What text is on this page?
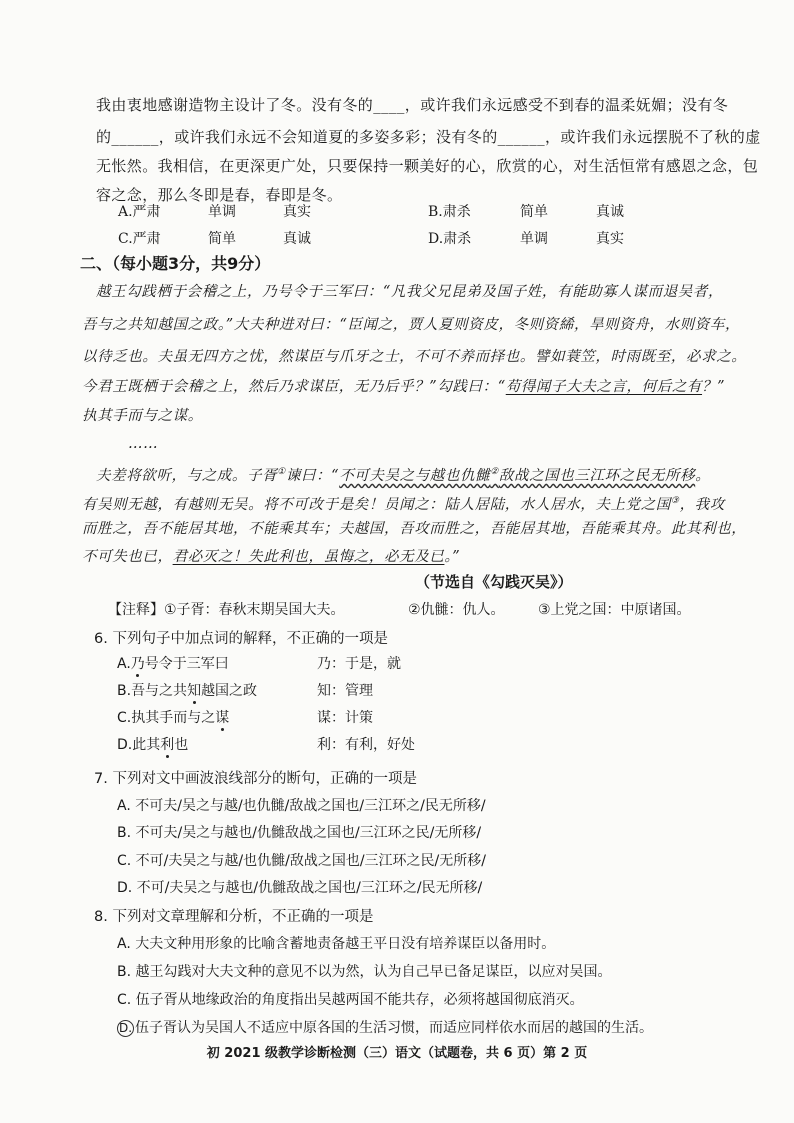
我由衷地感谢造物主设计了冬。没有冬的____，或许我们永远感受不到春的温柔妩媚；没有冬
的______，或许我们永远不会知道夏的多姿多彩；没有冬的______，或许我们永远摆脱不了秋的虚
无怅然。我相信，在更深更广处，只要保持一颗美好的心，欣赏的心，对生活恒常有感恩之念，包
容之念，那么冬即是春，春即是冬。
A.严肃	单调	真实	B.肃杀	简单	真诚
C.严肃	简单	真诚	D.肃杀	单调	真实
二、（每小题3分，共9分）
越王勾践栖于会稽之上，乃号令于三军曰：“凡我父兄昆弟及国子姓，有能助寡人谋而退吴者，
吾与之共知越国之政。”大夫种进对曰：“臣闻之，贾人夏则资皮，冬则资絺，旱则资舟，水则资车，
以待乏也。夫虽无四方之忧，然谋臣与爪牙之士，不可不养而择也。譬如蓑笠，时雨既至，必求之。
今君王既栖于会稽之上，然后乃求谋臣，无乃后乎？”勾践曰：“苟得闻子大夫之言，何后之有？”
执其手而与之谋。
……
夫差将欲听，与之成。子胥①谏曰：“不可夫吴之与越也仇雠②敌战之国也三江环之民无所移。
有吴则无越，有越则无吴。将不可改于是矣！员闻之：陆人居陆，水人居水，夫上党之国③，我攻
而胜之，吾不能居其地，不能乘其车；夫越国，吾攻而胜之，吾能居其地，吾能乘其舟。此其利也，
不可失也已，君必灭之！失此利也，虽悔之，必无及已。”
（节选自《勾践灭吴》）
【注释】①子胥：春秋末期吴国大夫。	②仇雠：仇人。 ③上党之国：中原诸国。
6. 下列句子中加点词的解释，不正确的一项是
A.乃号令于三军曰	乃：于是，就
B.吾与之共知越国之政	知：管理
C.执其手而与之谋	谋：计策
D.此其利也	利：有利，好处
7. 下列对文中画波浪线部分的断句，正确的一项是
A. 不可夫/吴之与越/也仇雠/敌战之国也/三江环之/民无所移/
B. 不可夫/吴之与越也/仇雠敌战之国也/三江环之民/无所移/
C. 不可/夫吴之与越/也仇雠/敌战之国也/三江环之民/无所移/
D. 不可/夫吴之与越也/仇雠敌战之国也/三江环之/民无所移/
8. 下列对文章理解和分析，不正确的一项是
A. 大夫文种用形象的比喻含蓄地责备越王平日没有培养谋臣以备用时。
B. 越王勾践对大夫文种的意见不以为然，认为自己早已备足谋臣，以应对吴国。
C. 伍子胥从地缘政治的角度指出吴越两国不能共存，必须将越国彻底消灭。
D. 伍子胥认为吴国人不适应中原各国的生活习惯，而适应同样依水而居的越国的生活。
初 2021 级教学诊断检测（三）语文（试题卷，共 6 页）第 2 页
